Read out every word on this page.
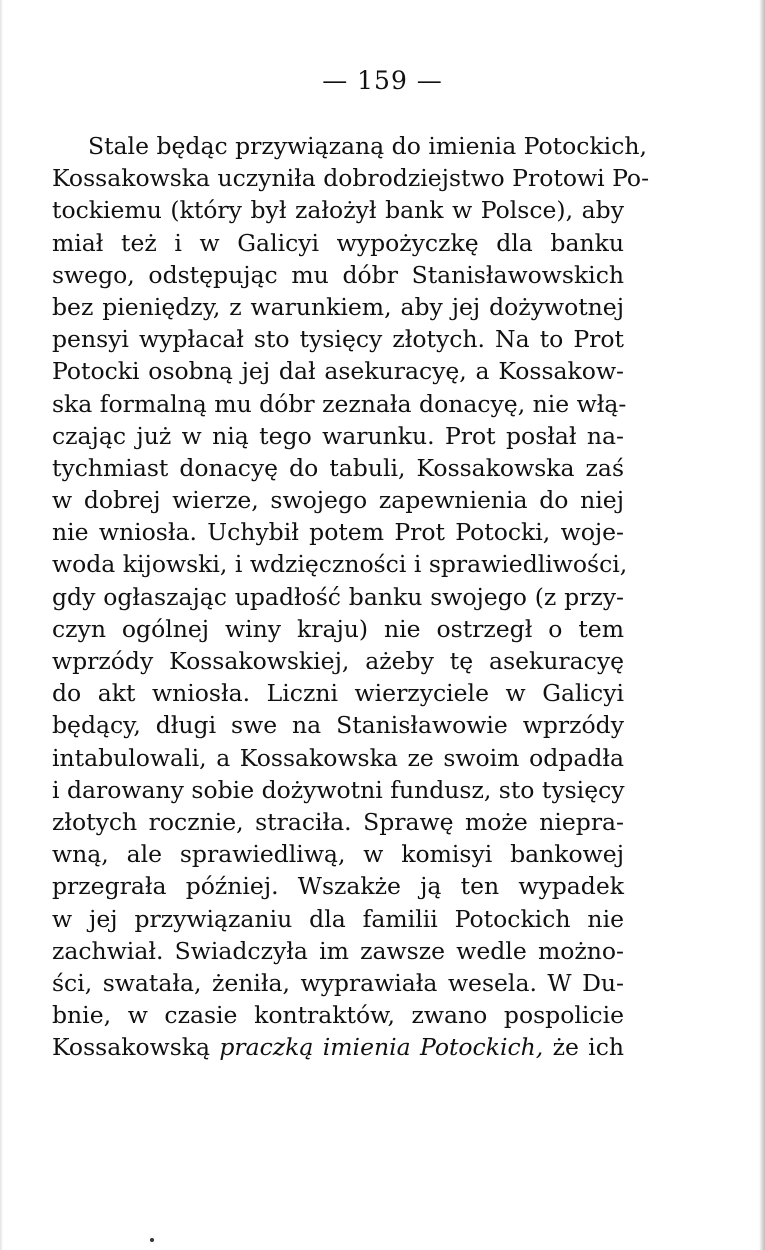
— 159 —
Stale będąc przywiązaną do imienia Potockich,
Kossakowska uczyniła dobrodziejstwo Protowi Po-
tockiemu (który był założył bank w Polsce), aby
miał też i w Galicyi wypożyczkę dla banku
swego, odstępując mu dóbr Stanisławowskich
bez pieniędzy, z warunkiem, aby jej dożywotnej
pensyi wypłacał sto tysięcy złotych. Na to Prot
Potocki osobną jej dał asekuracyę, a Kossakow-
ska formalną mu dóbr zeznała donacyę, nie włą-
czając już w nią tego warunku. Prot posłał na-
tychmiast donacyę do tabuli, Kossakowska zaś
w dobrej wierze, swojego zapewnienia do niej
nie wniosła. Uchybił potem Prot Potocki, woje-
woda kijowski, i wdzięczności i sprawiedliwości,
gdy ogłaszając upadłość banku swojego (z przy-
czyn ogólnej winy kraju) nie ostrzegł o tem
wprzódy Kossakowskiej, ażeby tę asekuracyę
do akt wniosła. Liczni wierzyciele w Galicyi
będący, długi swe na Stanisławowie wprzódy
intabulowali, a Kossakowska ze swoim odpadła
i darowany sobie dożywotni fundusz, sto tysięcy
złotych rocznie, straciła. Sprawę może niepra-
wną, ale sprawiedliwą, w komisyi bankowej
przegrała później. Wszakże ją ten wypadek
w jej przywiązaniu dla familii Potockich nie
zachwiał. Swiadczyła im zawsze wedle możno-
ści, swatała, żeniła, wyprawiała wesela. W Du-
bnie, w czasie kontraktów, zwano pospolicie
Kossakowską praczką imienia Potockich, że ich
